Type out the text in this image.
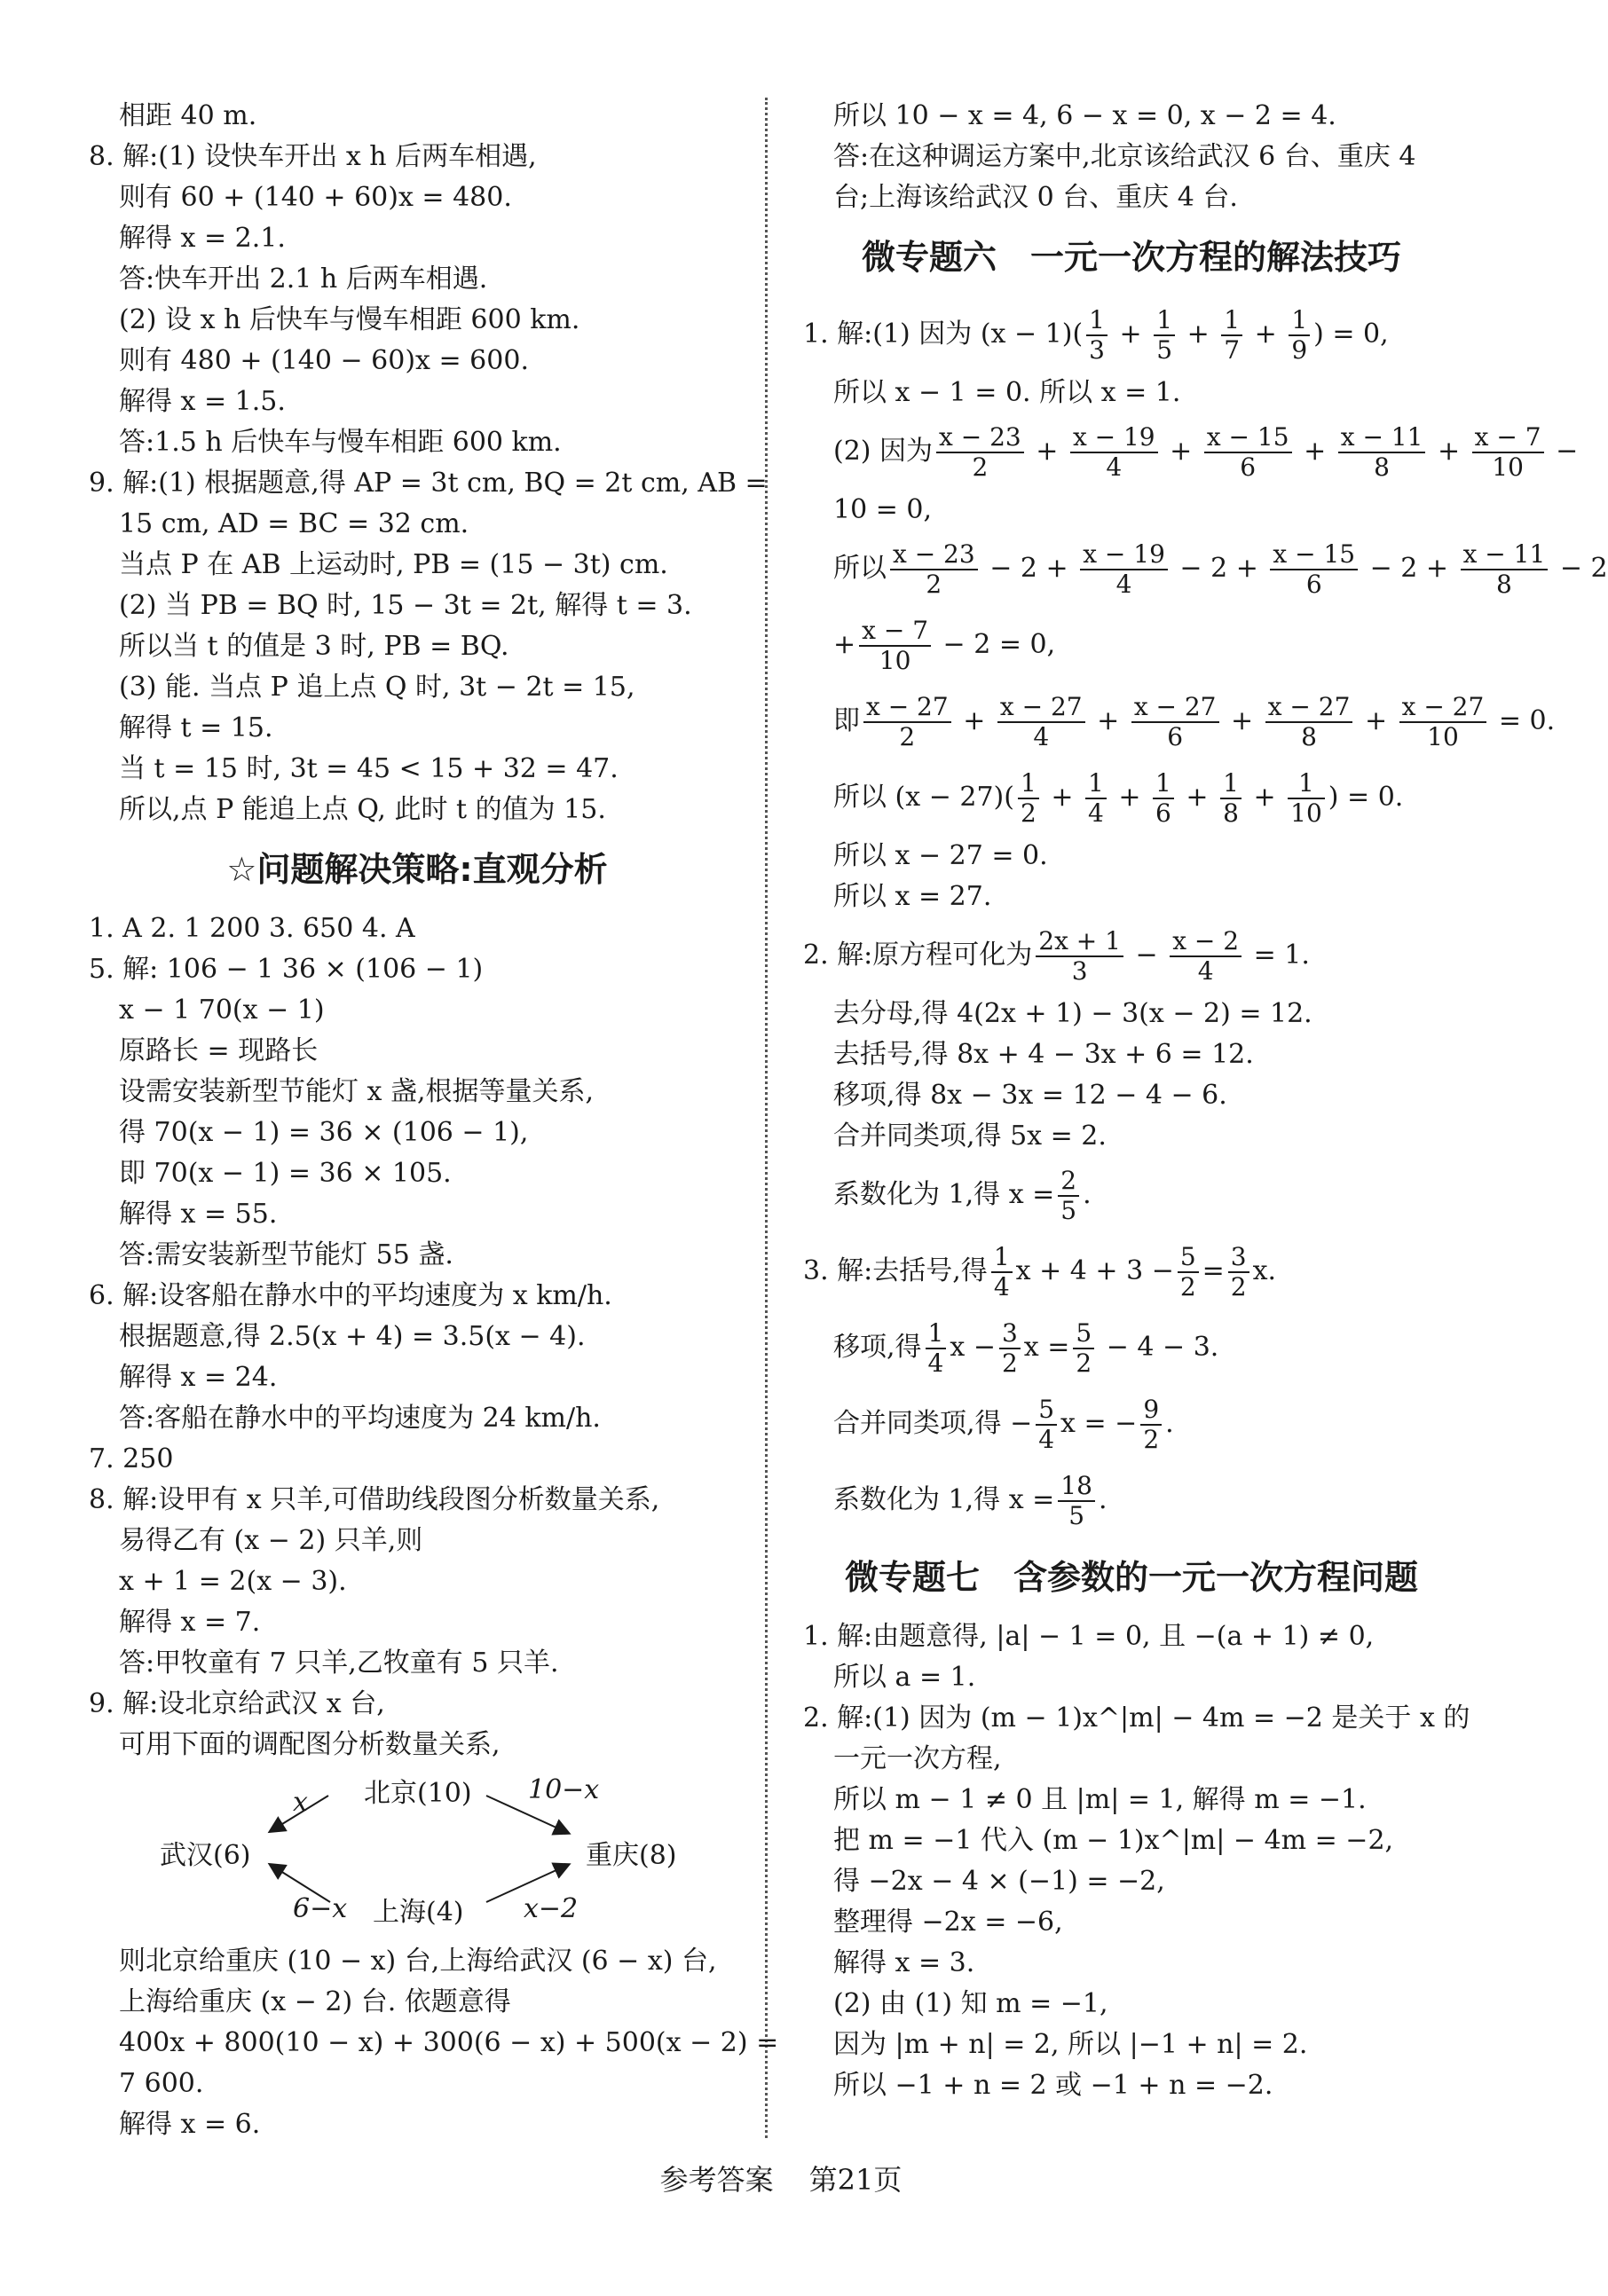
相距 40 m.
8. 解:(1) 设快车开出 x h 后两车相遇,
则有 60 + (140 + 60)x = 480.
解得 x = 2.1.
答:快车开出 2.1 h 后两车相遇.
(2) 设 x h 后快车与慢车相距 600 km.
则有 480 + (140 − 60)x = 600.
解得 x = 1.5.
答:1.5 h 后快车与慢车相距 600 km.
9. 解:(1) 根据题意,得 AP = 3t cm, BQ = 2t cm, AB =
15 cm, AD = BC = 32 cm.
当点 P 在 AB 上运动时, PB = (15 − 3t) cm.
(2) 当 PB = BQ 时, 15 − 3t = 2t, 解得 t = 3.
所以当 t 的值是 3 时, PB = BQ.
(3) 能. 当点 P 追上点 Q 时, 3t − 2t = 15,
解得 t = 15.
当 t = 15 时, 3t = 45 < 15 + 32 = 47.
所以,点 P 能追上点 Q, 此时 t 的值为 15.
☆问题解决策略:直观分析
1. A 2. 1 200 3. 650 4. A
5. 解: 106 − 1 36 × (106 − 1)
x − 1 70(x − 1)
原路长 = 现路长
设需安装新型节能灯 x 盏,根据等量关系,
得 70(x − 1) = 36 × (106 − 1),
即 70(x − 1) = 36 × 105.
解得 x = 55.
答:需安装新型节能灯 55 盏.
6. 解:设客船在静水中的平均速度为 x km/h.
根据题意,得 2.5(x + 4) = 3.5(x − 4).
解得 x = 24.
答:客船在静水中的平均速度为 24 km/h.
7. 250
8. 解:设甲有 x 只羊,可借助线段图分析数量关系,
易得乙有 (x − 2) 只羊,则
x + 1 = 2(x − 3).
解得 x = 7.
答:甲牧童有 7 只羊,乙牧童有 5 只羊.
9. 解:设北京给武汉 x 台,
可用下面的调配图分析数量关系,
北京(10)
武汉(6)	重庆(8)
上海(4)
x	10−x
6−x	x−2
则北京给重庆 (10 − x) 台,上海给武汉 (6 − x) 台,
上海给重庆 (x − 2) 台. 依题意得
400x + 800(10 − x) + 300(6 − x) + 500(x − 2) =
7 600.
解得 x = 6.
所以 10 − x = 4, 6 − x = 0, x − 2 = 4.
答:在这种调运方案中,北京该给武汉 6 台、重庆 4
台;上海该给武汉 0 台、重庆 4 台.
微专题六　一元一次方程的解法技巧
1. 解:(1) 因为 $(x - 1)( \frac{1}{3} + \frac{1}{5} + \frac{1}{7} + \frac{1}{9}$ ) = 0,
所以 x − 1 = 0. 所以 x = 1.
(2) 因为 $\frac{x - 23}{2} + \frac{x - 19}{4} + \frac{x - 15}{6} + \frac{x - 11}{8} + \frac{x - 7}{10}$ −
10 = 0,
所以 $\frac{x - 23}{2} - 2 + \frac{x - 19}{4} - 2 + \frac{x - 15}{6} - 2 + \frac{x - 11}{8} - 2$
+ $\frac{x - 7}{10} - 2 = 0$,
即 $\frac{x - 27}{2} + \frac{x - 27}{4} + \frac{x - 27}{6} + \frac{x - 27}{8} + \frac{x - 27}{10} = 0$.
所以 $(x - 27)( \frac{1}{2} + \frac{1}{4} + \frac{1}{6} + \frac{1}{8} + \frac{1}{10}$ ) = 0.
所以 x − 27 = 0.
所以 x = 27.
2. 解:原方程可化为 $\frac{2x + 1}{3} - \frac{x - 2}{4} = 1$.
去分母,得 4(2x + 1) − 3(x − 2) = 12.
去括号,得 8x + 4 − 3x + 6 = 12.
移项,得 8x − 3x = 12 − 4 − 6.
合并同类项,得 5x = 2.
系数化为 1,得 $x = \frac{2}{5}$ .
3. 解:去括号,得 $\frac{1}{4}$ $x + 4 + 3 - \frac{5}{2} = \frac{3}{2} x$.
移项,得 $\frac{1}{4}$ $x - \frac{3}{2}$ $x = \frac{5}{2} - 4 - 3$.
合并同类项,得 − $\frac{5}{4}$ x = − $\frac{9}{2}$ .
系数化为 1,得 $x = \frac{18}{5}$ .
微专题七　含参数的一元一次方程问题
1. 解:由题意得, |a| − 1 = 0, 且 −(a + 1) ≠ 0,
所以 a = 1.
2. 解:(1) 因为 (m − 1)x^|m| − 4m = −2 是关于 x 的
一元一次方程,
所以 m − 1 ≠ 0 且 |m| = 1, 解得 m = −1.
把 m = −1 代入 (m − 1)x^|m| − 4m = −2,
得 −2x − 4 × (−1) = −2,
整理得 −2x = −6,
解得 x = 3.
(2) 由 (1) 知 m = −1,
因为 |m + n| = 2, 所以 |−1 + n| = 2.
所以 −1 + n = 2 或 −1 + n = −2.
参考答案 第21页
